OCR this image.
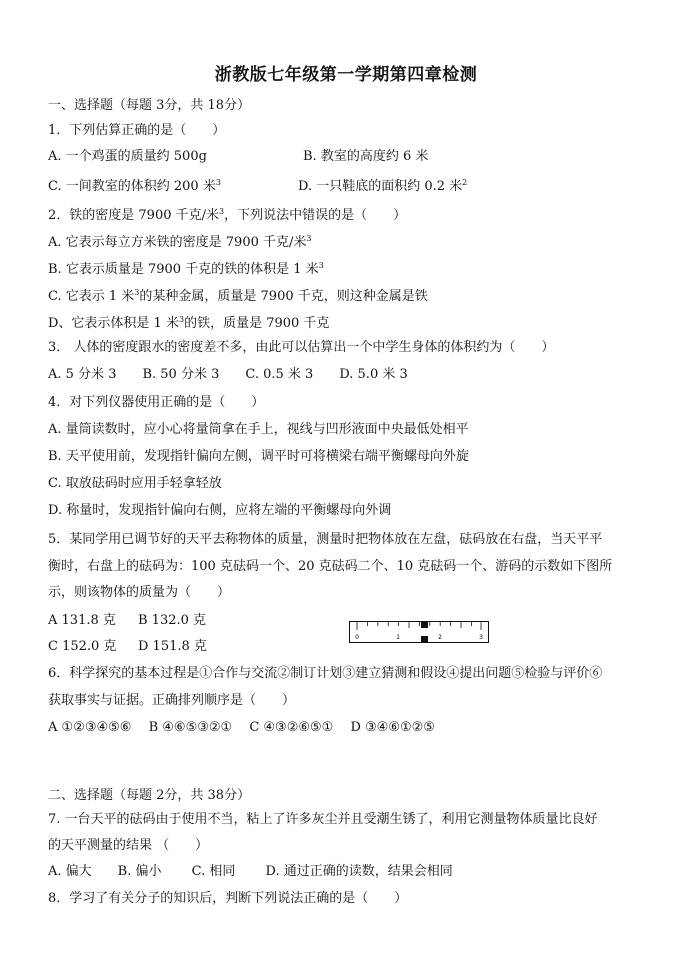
浙教版七年级第一学期第四章检测
一、选择题（每题 3分，共 18分）
1．下列估算正确的是（　　）
A. 一个鸡蛋的质量约 500g	B. 教室的高度约 6 米
C. 一间教室的体积约 200 米$^3$	D. 一只鞋底的面积约 0.2 米$^2$
2．铁的密度是 7900 千克/米$^3$，下列说法中错误的是（　　）
A. 它表示每立方米铁的密度是 7900 千克/米$^3$
B. 它表示质量是 7900 千克的铁的体积是 1 米$^3$
C. 它表示 1 米$^3$的某种金属，质量是 7900 千克，则这种金属是铁
D、它表示体积是 1 米$^3$的铁，质量是 7900 千克
3． 人体的密度跟水的密度差不多，由此可以估算出一个中学生身体的体积约为（　　）
A. 5 分米 3　　B. 50 分米 3　　C. 0.5 米 3　　D. 5.0 米 3
4．对下列仪器使用正确的是（　　）
A. 量筒读数时，应小心将量筒拿在手上，视线与凹形液面中央最低处相平
B. 天平使用前，发现指针偏向左侧，调平时可将横梁右端平衡螺母向外旋
C. 取放砝码时应用手轻拿轻放
D. 称量时，发现指针偏向右侧，应将左端的平衡螺母向外调
5．某同学用已调节好的天平去称物体的质量，测量时把物体放在左盘，砝码放在右盘，当天平平
衡时，右盘上的砝码为：100 克砝码一个、20 克砝码二个、10 克砝码一个、游码的示数如下图所
示，则该物体的质量为（　　）
A 131.8 克 B 132.0 克
C 152.0 克 D 151.8 克
0	1	2	3
6．科学探究的基本过程是①合作与交流②制订计划③建立猜测和假设④提出问题⑤检验与评价⑥
获取事实与证据。正确排列顺序是（　　）
A ①②③④⑤⑥　 B ④⑥⑤③②①　 C ④③②⑥⑤①　 D ③④⑥①②⑤
二、选择题（每题 2分，共 38分）
7. 一台天平的砝码由于使用不当，粘上了许多灰尘并且受潮生锈了，利用它测量物体质量比良好
的天平测量的结果 （　　）
A. 偏大　　B. 偏小　　 C. 相同　　 D. 通过正确的读数，结果会相同
8．学习了有关分子的知识后，判断下列说法正确的是（　　）
